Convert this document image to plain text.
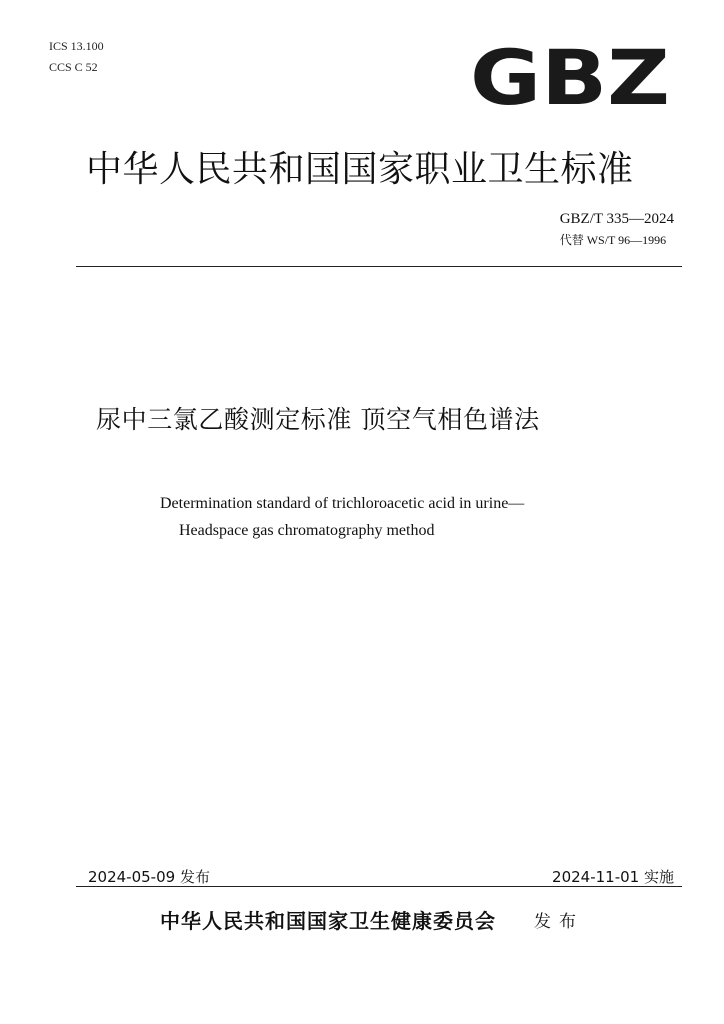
ICS 13.100
CCS C 52	GBZ
中华人民共和国国家职业卫生标准
GBZ/T 335—2024
代替 WS/T 96—1996
尿中三氯乙酸测定标准 顶空气相色谱法
Determination standard of trichloroacetic acid in urine—
Headspace gas chromatography method
2024-05-09 发布	2024-11-01 实施
中华人民共和国国家卫生健康委员会 发布
